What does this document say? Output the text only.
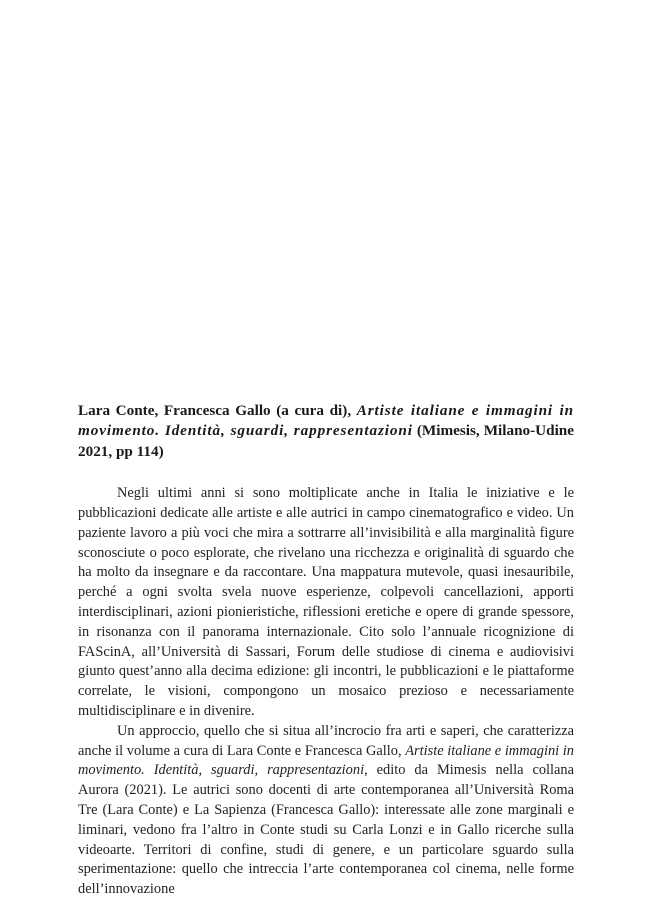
Lara Conte, Francesca Gallo (a cura di), Artiste italiane e immagini in movimento. Identità, sguardi, rappresentazioni (Mimesis, Milano-Udine 2021, pp 114)

Negli ultimi anni si sono moltiplicate anche in Italia le iniziative e le pubblicazioni dedicate alle artiste e alle autrici in campo cinematografico e video. Un paziente lavoro a più voci che mira a sottrarre all’invisibilità e alla marginalità figure sconosciute o poco esplorate, che rivelano una ricchezza e originalità di sguardo che ha molto da insegnare e da raccontare. Una mappatura mutevole, quasi inesauribile, perché a ogni svolta svela nuove esperienze, colpevoli cancellazioni, apporti interdisciplinari, azioni pionieristiche, riflessioni eretiche e opere di grande spessore, in risonanza con il panorama internazionale. Cito solo l’annuale ricognizione di FAScinA, all’Università di Sassari, Forum delle studiose di cinema e audiovisivi giunto quest’anno alla decima edizione: gli incontri, le pubblicazioni e le piattaforme correlate, le visioni, compongono un mosaico prezioso e necessariamente multidisciplinare e in divenire.

Un approccio, quello che si situa all’incrocio fra arti e saperi, che caratterizza anche il volume a cura di Lara Conte e Francesca Gallo, Artiste italiane e immagini in movimento. Identità, sguardi, rappresentazioni, edito da Mimesis nella collana Aurora (2021). Le autrici sono docenti di arte contemporanea all’Università Roma Tre (Lara Conte) e La Sapienza (Francesca Gallo): interessate alle zone marginali e liminari, vedono fra l’altro in Conte studi su Carla Lonzi e in Gallo ricerche sulla videoarte. Territori di confine, studi di genere, e un particolare sguardo sulla sperimentazione: quello che intreccia l’arte contemporanea col cinema, nelle forme dell’innovazione
